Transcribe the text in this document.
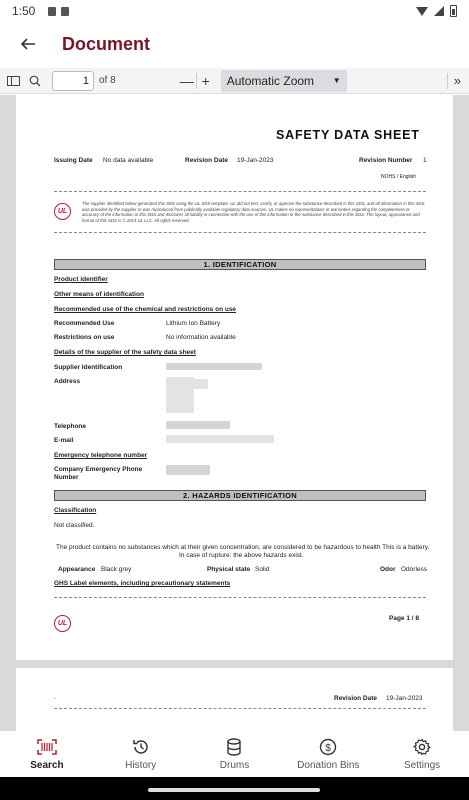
1:50
Document
1	of 8	— +	Automatic Zoom ▼	»
SAFETY DATA SHEET
Issuing Date No data available	Revision Date 19-Jan-2023	Revision Number 1
NOHS / English
UL
The supplier identified below generated this SDS using the UL SDS template. UL did not test, certify, or approve the substance described in this SDS, and all information in this SDS was provided by the supplier or was reproduced from publically available regulatory data sources. UL makes no representations or warranties regarding the completeness or accuracy of the information in this SDS and disclaims all liability in connection with the use of this information or the substance described in this SDS. The layout, appearance and format of this SDS is © 2014 UL LLC. All rights reserved.
1. IDENTIFICATION
Product identifier
Other means of identification
Recommended use of the chemical and restrictions on use
Recommended Use	Lithium Ion Battery
Restrictions on use	No information available
Details of the supplier of the safety data sheet
Supplier Identification
Address
Telephone
E-mail
Emergency telephone number
Company Emergency Phone
Number
2. HAZARDS IDENTIFICATION
Classification
Not classified.
The product contains no substances which at their given concentration, are considered to be hazardous to health This is a battery.
In case of rupture: the above hazards exist.
Appearance Black grey	Physical state Solid	Odor Odorless
GHS Label elements, including precautionary statements
Page 1 / 8
UL
.	Revision Date 19-Jan-2023
Search	History	Drums
$
Donation Bins	Settings
